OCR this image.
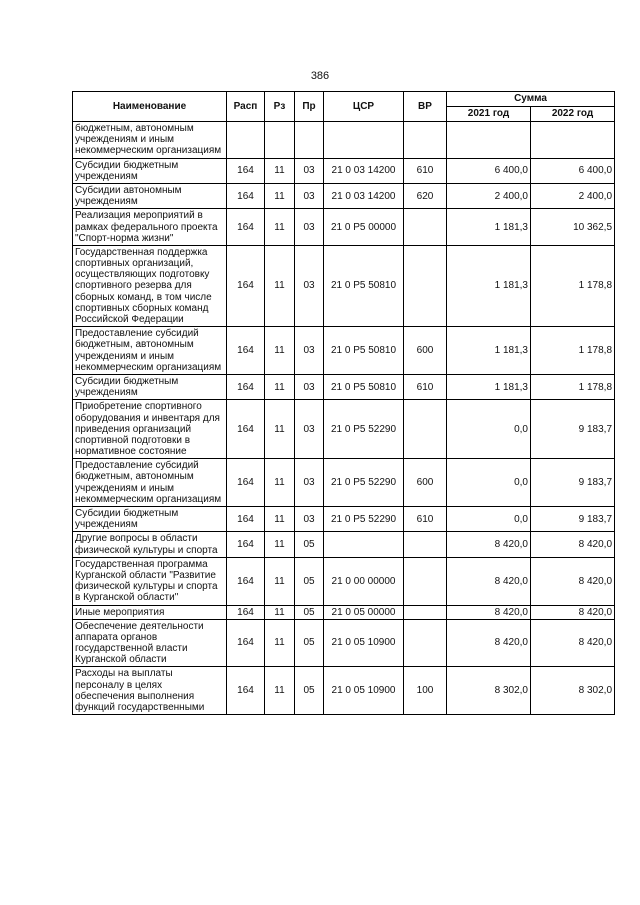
386
Наименование	Расп	Рз	Пр	ЦСР	ВР	Сумма	
						2021 год	2022 год
бюджетным, автономным учреждениям и иным некоммерческим организациям							
Субсидии бюджетным учреждениям	164	11	03	21 0 03 14200	610	6 400,0	6 400,0
Субсидии автономным учреждениям	164	11	03	21 0 03 14200	620	2 400,0	2 400,0
Реализация мероприятий в рамках федерального проекта "Спорт-норма жизни"	164	11	03	21 0 P5 00000		1 181,3	10 362,5
Государственная поддержка спортивных организаций, осуществляющих подготовку спортивного резерва для сборных команд, в том числе спортивных сборных команд Российской Федерации	164	11	03	21 0 P5 50810		1 181,3	1 178,8
Предоставление субсидий бюджетным, автономным учреждениям и иным некоммерческим организациям	164	11	03	21 0 P5 50810	600	1 181,3	1 178,8
Субсидии бюджетным учреждениям	164	11	03	21 0 P5 50810	610	1 181,3	1 178,8
Приобретение спортивного оборудования и инвентаря для приведения организаций спортивной подготовки в нормативное состояние	164	11	03	21 0 P5 52290		0,0	9 183,7
Предоставление субсидий бюджетным, автономным учреждениям и иным некоммерческим организациям	164	11	03	21 0 P5 52290	600	0,0	9 183,7
Субсидии бюджетным учреждениям	164	11	03	21 0 P5 52290	610	0,0	9 183,7
Другие вопросы в области физической культуры и спорта	164	11	05			8 420,0	8 420,0
Государственная программа Курганской области "Развитие физической культуры и спорта в Курганской области"	164	11	05	21 0 00 00000		8 420,0	8 420,0
Иные мероприятия	164	11	05	21 0 05 00000		8 420,0	8 420,0
Обеспечение деятельности аппарата органов государственной власти Курганской области	164	11	05	21 0 05 10900		8 420,0	8 420,0
Расходы на выплаты персоналу в целях обеспечения выполнения функций государственными	164	11	05	21 0 05 10900	100	8 302,0	8 302,0
